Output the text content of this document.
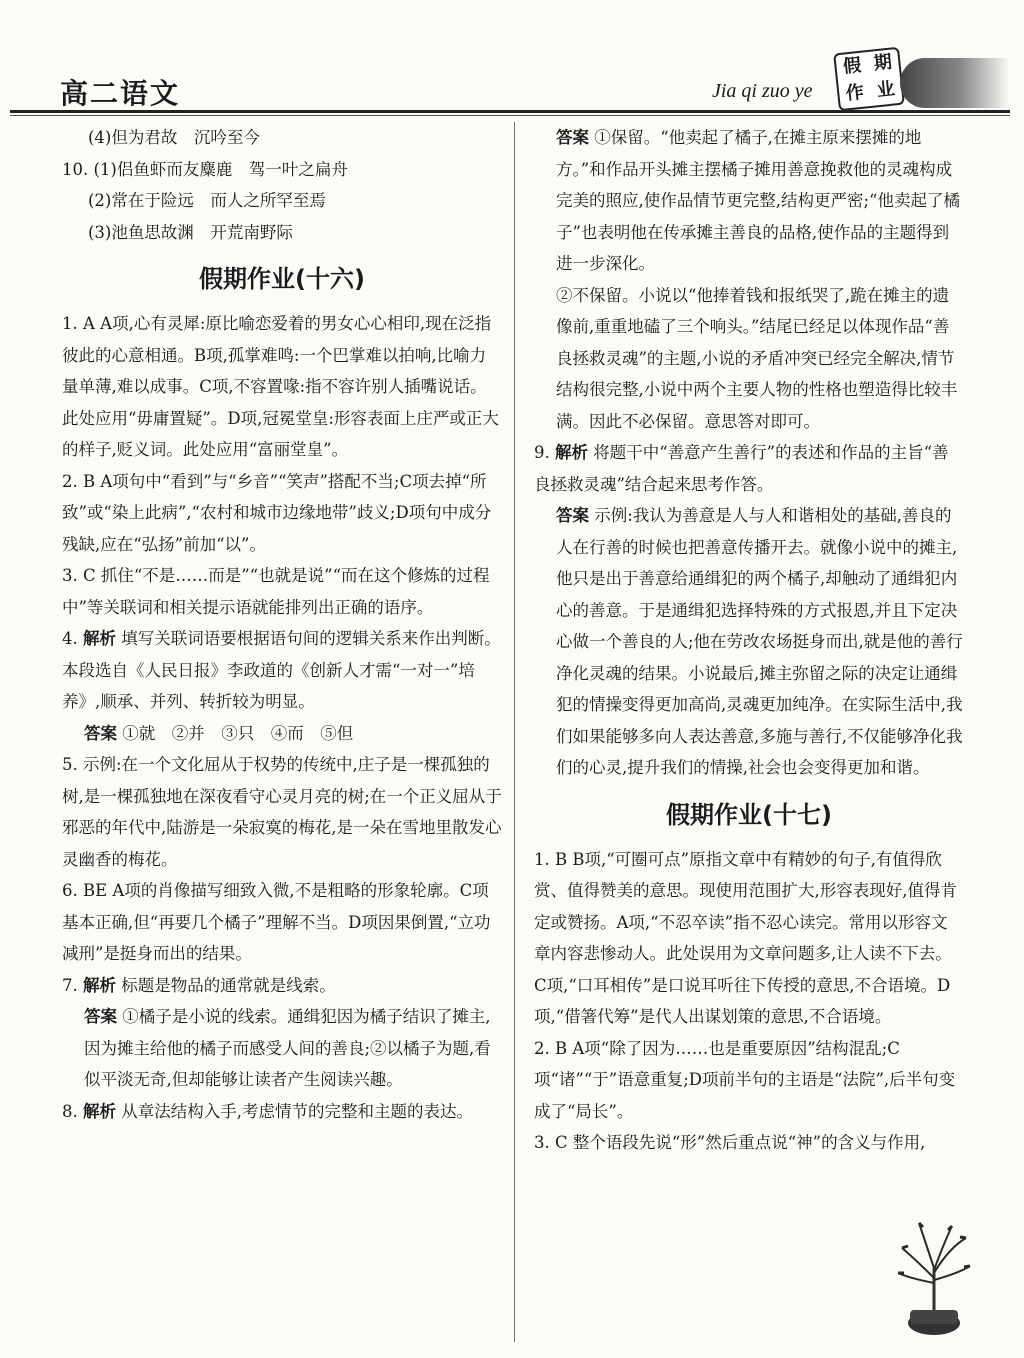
高二语文	Jia qi zuo ye
假 期
作 业

(4)但为君故　沉吟至今

10. (1)侣鱼虾而友麋鹿　驾一叶之扁舟

(2)常在于险远　而人之所罕至焉

(3)池鱼思故渊　开荒南野际

假期作业(十六)

1. A A项,心有灵犀:原比喻恋爱着的男女心心相印,现在泛指彼此的心意相通。B项,孤掌难鸣:一个巴掌难以拍响,比喻力量单薄,难以成事。C项,不容置喙:指不容许别人插嘴说话。此处应用“毋庸置疑”。D项,冠冕堂皇:形容表面上庄严或正大的样子,贬义词。此处应用“富丽堂皇”。

2. B A项句中“看到”与“乡音”“笑声”搭配不当;C项去掉“所致”或“染上此病”,“农村和城市边缘地带”歧义;D项句中成分残缺,应在“弘扬”前加“以”。

3. C 抓住“不是……而是”“也就是说”“而在这个修炼的过程中”等关联词和相关提示语就能排列出正确的语序。

4. 解析 填写关联词语要根据语句间的逻辑关系来作出判断。本段选自《人民日报》李政道的《创新人才需“一对一”培养》,顺承、并列、转折较为明显。

答案 ①就　②并　③只　④而　⑤但

5. 示例:在一个文化屈从于权势的传统中,庄子是一棵孤独的树,是一棵孤独地在深夜看守心灵月亮的树;在一个正义屈从于邪恶的年代中,陆游是一朵寂寞的梅花,是一朵在雪地里散发心灵幽香的梅花。

6. BE A项的肖像描写细致入微,不是粗略的形象轮廓。C项基本正确,但“再要几个橘子”理解不当。D项因果倒置,“立功减刑”是挺身而出的结果。

7. 解析 标题是物品的通常就是线索。

答案 ①橘子是小说的线索。通缉犯因为橘子结识了摊主,因为摊主给他的橘子而感受人间的善良;②以橘子为题,看似平淡无奇,但却能够让读者产生阅读兴趣。

8. 解析 从章法结构入手,考虑情节的完整和主题的表达。

答案 ①保留。“他卖起了橘子,在摊主原来摆摊的地方。”和作品开头摊主摆橘子摊用善意挽救他的灵魂构成完美的照应,使作品情节更完整,结构更严密;“他卖起了橘子”也表明他在传承摊主善良的品格,使作品的主题得到进一步深化。

②不保留。小说以“他捧着钱和报纸哭了,跪在摊主的遗像前,重重地磕了三个响头。”结尾已经足以体现作品“善良拯救灵魂”的主题,小说的矛盾冲突已经完全解决,情节结构很完整,小说中两个主要人物的性格也塑造得比较丰满。因此不必保留。意思答对即可。

9. 解析 将题干中“善意产生善行”的表述和作品的主旨“善良拯救灵魂”结合起来思考作答。

答案 示例:我认为善意是人与人和谐相处的基础,善良的人在行善的时候也把善意传播开去。就像小说中的摊主,他只是出于善意给通缉犯的两个橘子,却触动了通缉犯内心的善意。于是通缉犯选择特殊的方式报恩,并且下定决心做一个善良的人;他在劳改农场挺身而出,就是他的善行净化灵魂的结果。小说最后,摊主弥留之际的决定让通缉犯的情操变得更加高尚,灵魂更加纯净。在实际生活中,我们如果能够多向人表达善意,多施与善行,不仅能够净化我们的心灵,提升我们的情操,社会也会变得更加和谐。

假期作业(十七)

1. B B项,“可圈可点”原指文章中有精妙的句子,有值得欣赏、值得赞美的意思。现使用范围扩大,形容表现好,值得肯定或赞扬。A项,“不忍卒读”指不忍心读完。常用以形容文章内容悲惨动人。此处误用为文章问题多,让人读不下去。C项,“口耳相传”是口说耳听往下传授的意思,不合语境。D项,“借箸代筹”是代人出谋划策的意思,不合语境。

2. B A项“除了因为……也是重要原因”结构混乱;C项“诸”“于”语意重复;D项前半句的主语是“法院”,后半句变成了“局长”。

3. C 整个语段先说“形”然后重点说“神”的含义与作用,
